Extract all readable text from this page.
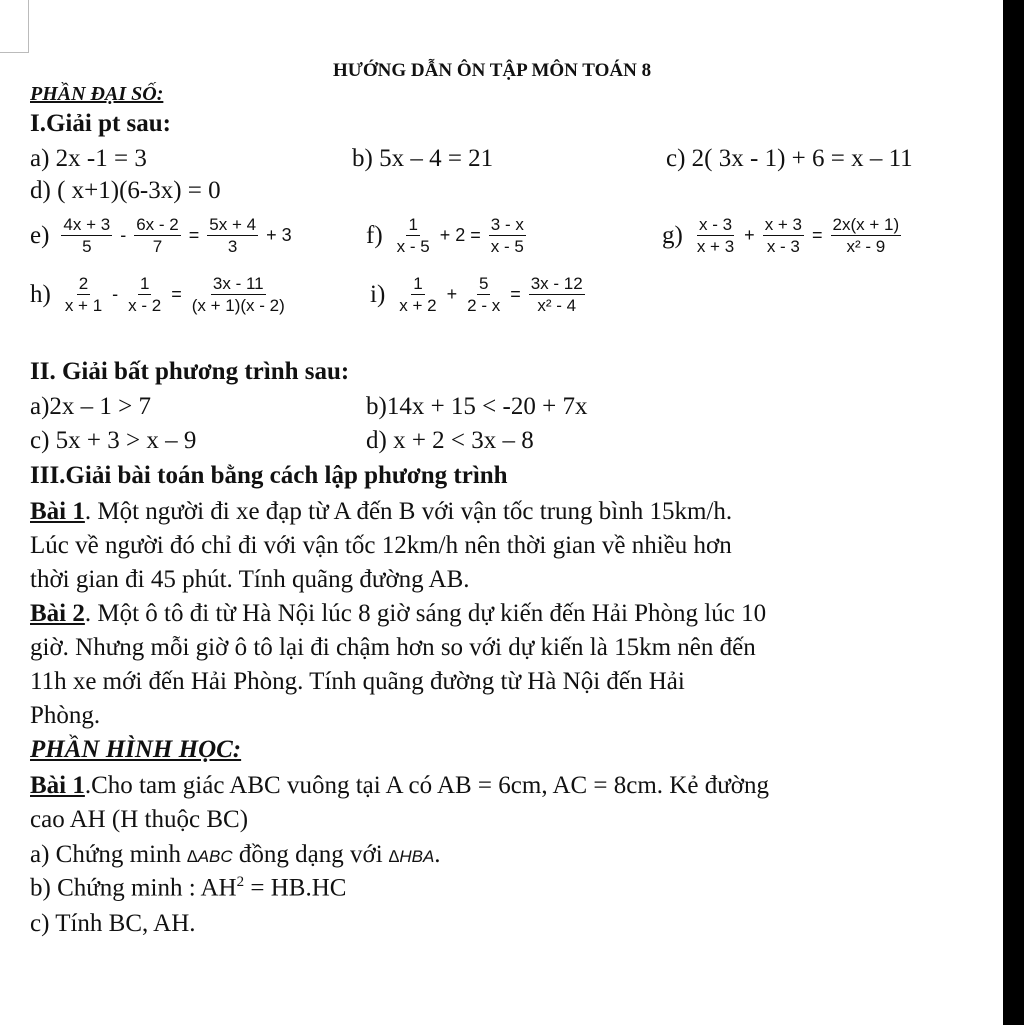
HƯỚNG DẪN ÔN TẬP MÔN TOÁN 8
PHẦN ĐẠI SỐ:
I.Giải pt sau:
a) 2x -1 = 3	b) 5x – 4 = 21	c) 2( 3x - 1) + 6 = x – 11
d) ( x+1)(6-3x) = 0
$e) \frac{4x + 3}{5} - \frac{6x - 2}{7} = \frac{5x + 4}{3} + 3$	$f) \frac{1}{x - 5} + 2 = \frac{3 - x}{x - 5}$	$g) \frac{x - 3}{x + 3} + \frac{x + 3}{x - 3} = \frac{2x(x + 1)}{\text{x² - 9}}$
$h) \frac{2}{x + 1} - \frac{1}{x - 2} = \frac{3x - 11}{(x + 1)(x - 2)}$	$i) \frac{1}{x + 2} + \frac{5}{2 - x} = \frac{3x - 12}{\text{x² - 4}}$
II. Giải bất phương trình sau:
a)2x – 1 > 7	b)14x + 15 < -20 + 7x
c) 5x + 3 > x – 9	d) x + 2 < 3x – 8
III.Giải bài toán bằng cách lập phương trình
Bài 1. Một người đi xe đạp từ A đến B với vận tốc trung bình 15km/h.
Lúc về người đó chỉ đi với vận tốc 12km/h nên thời gian về nhiều hơn
thời gian đi 45 phút. Tính quãng đường AB.
Bài 2. Một ô tô đi từ Hà Nội lúc 8 giờ sáng dự kiến đến Hải Phòng lúc 10
giờ. Nhưng mỗi giờ ô tô lại đi chậm hơn so với dự kiến là 15km nên đến
11h xe mới đến Hải Phòng. Tính quãng đường từ Hà Nội đến Hải
Phòng.
PHẦN HÌNH HỌC:
Bài 1.Cho tam giác ABC vuông tại A có AB = 6cm, AC = 8cm. Kẻ đường
cao AH (H thuộc BC)
a) Chứng minh ∆ABC đồng dạng với ∆HBA.
b) Chứng minh : $AH^2 = HB.HC$
c) Tính BC, AH.
